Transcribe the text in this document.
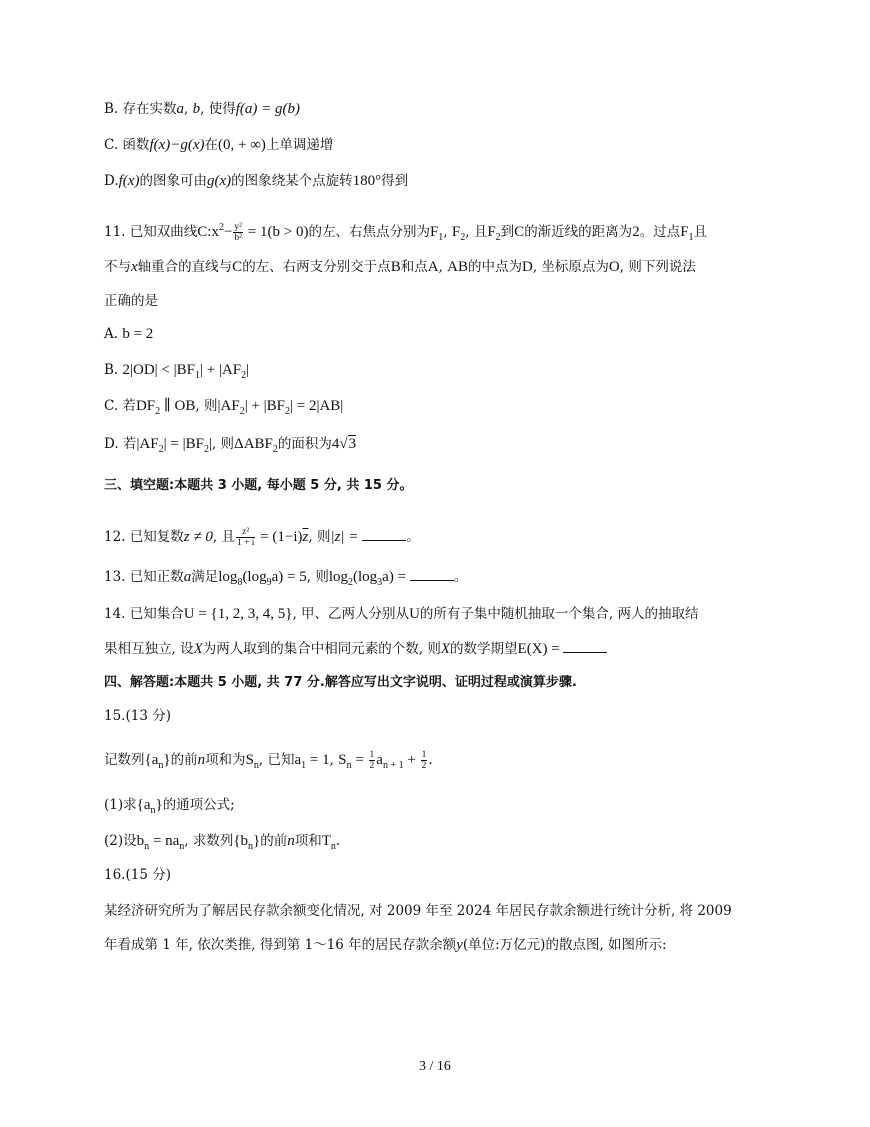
B. 存在实数a, b, 使得f(a) = g(b)
C. 函数f(x)−g(x)在(0, + ∞)上单调递增
D.f(x)的图象可由g(x)的图象绕某个点旋转180°得到
11. 已知双曲线$C:x^2- \frac{\text{y²}}{\text{b²}} = 1(b > 0)$的左、右焦点分别为$F_1$, $F_2$, 且$F_2$到C的渐近线的距离为2。过点$F_1$且
不与x轴重合的直线与C的左、右两支分别交于点B和点A, AB的中点为D, 坐标原点为O, 则下列说法
正确的是
A. b = 2
B. $2|OD| < |BF_1| + |AF_2|$
C. 若$DF_2$ ∥ OB, 则$|AF_2| + |BF_2| = 2|AB|$
D. 若$|AF_2| = |BF_2|$, 则$\Delta ABF_2$的面积为4√3
三、填空题:本题共 3 小题, 每小题 5 分, 共 15 分。
12. 已知复数z ≠ 0, 且 $\frac{\text{z²}}{1 + i} = (1-i)\overline{z}$, 则|z| =	。
13. 已知正数a满足$\log_8(\log_9a) = 5$, 则$\log_2(\log_3a)$ =	。
14. 已知集合U = {1, 2, 3, 4, 5}, 甲、乙两人分别从U的所有子集中随机抽取一个集合, 两人的抽取结
果相互独立, 设X为两人取到的集合中相同元素的个数, 则X的数学期望E(X) =
四、解答题:本题共 5 小题, 共 77 分.解答应写出文字说明、证明过程或演算步骤.
15.(13 分)
记数列$\{a_n\}$的前n项和为$S_n$, 已知$a_1 = 1$, $S_n = \frac{1}{2} a_{n + 1} + \frac{1}{2}$ .
(1)求$\{a_n\}$的通项公式;
(2)设$b_n = na_n$, 求数列$\{b_n\}$的前n项和$T_n$.
16.(15 分)
某经济研究所为了解居民存款余额变化情况, 对 2009 年至 2024 年居民存款余额进行统计分析, 将 2009
年看成第 1 年, 依次类推, 得到第 1～16 年的居民存款余额y(单位:万亿元)的散点图, 如图所示:
3 / 16
